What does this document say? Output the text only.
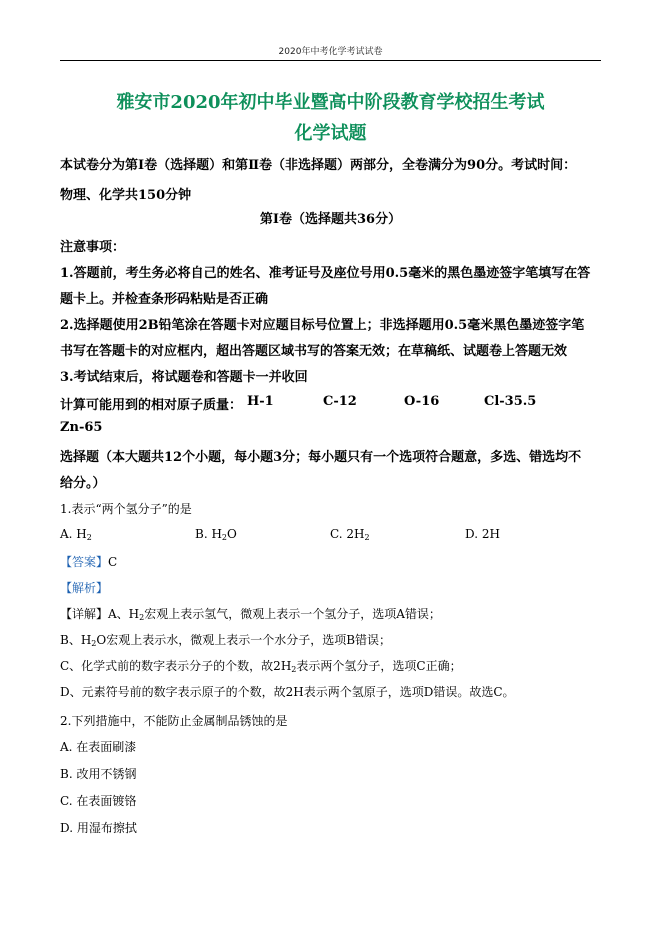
2020年中考化学考试试卷
雅安市2020年初中毕业暨高中阶段教育学校招生考试
化学试题
本试卷分为第Ⅰ卷（选择题）和第Ⅱ卷（非选择题）两部分，全卷满分为90分。考试时间：
物理、化学共150分钟
第Ⅰ卷（选择题共36分）
注意事项：
1.答题前，考生务必将自己的姓名、准考证号及座位号用0.5毫米的黑色墨迹签字笔填写在答
题卡上。并检查条形码粘贴是否正确
2.选择题使用2B铅笔涂在答题卡对应题目标号位置上；非选择题用0.5毫米黑色墨迹签字笔
书写在答题卡的对应框内，超出答题区域书写的答案无效；在草稿纸、试题卷上答题无效
3.考试结束后，将试题卷和答题卡一并收回
计算可能用到的相对原子质量： H-1	C-12	O-16	Cl-35.5
Zn-65
选择题（本大题共12个小题，每小题3分；每小题只有一个选项符合题意，多选、错选均不
给分。）
1.表示“两个氢分子”的是
A. $H_2$	B. $H_2O$	C. $2H_2$	D. 2H
【答案】C
【解析】
【详解】A、$H_2$宏观上表示氢气，微观上表示一个氢分子，选项A错误；
B、$H_2O$宏观上表示水，微观上表示一个水分子，选项B错误；
C、化学式前的数字表示分子的个数，故$2H_2$表示两个氢分子，选项C正确；
D、元素符号前的数字表示原子的个数，故2H表示两个氢原子，选项D错误。故选C。
2.下列措施中，不能防止金属制品锈蚀的是
A. 在表面刷漆
B. 改用不锈钢
C. 在表面镀铬
D. 用湿布擦拭
